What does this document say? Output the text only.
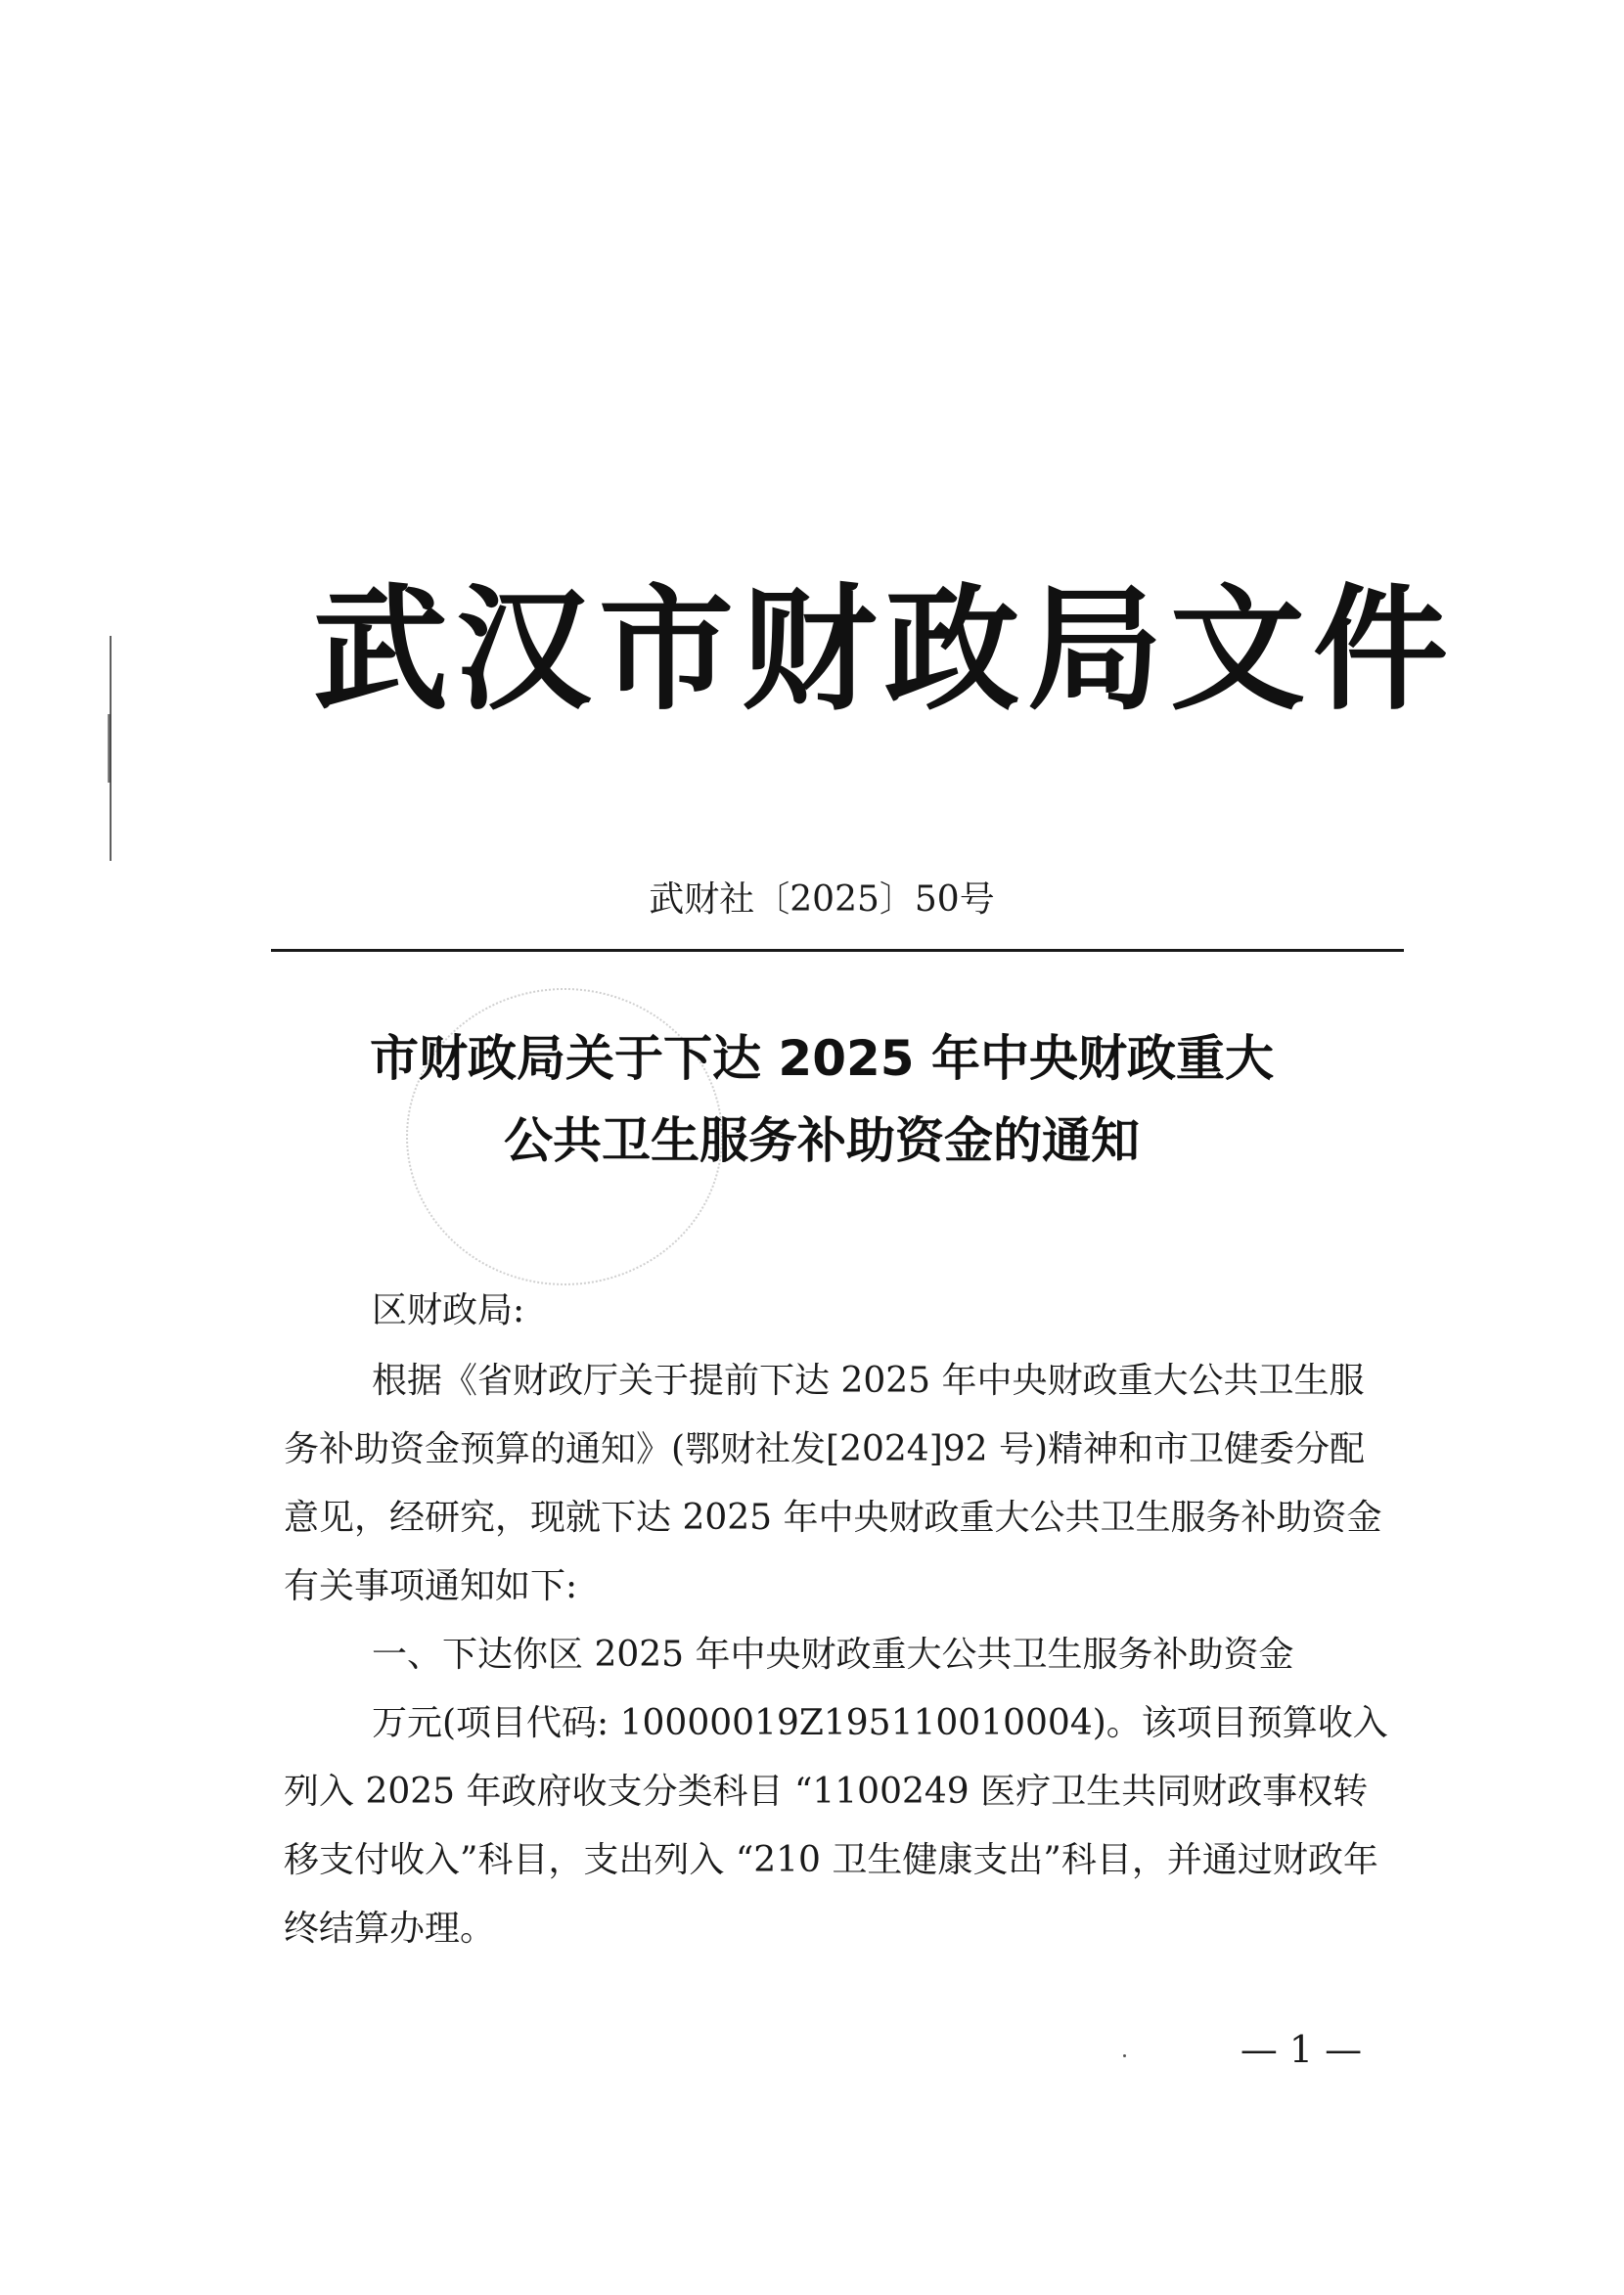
武汉市财政局文件
武财社〔2025〕50号
市财政局关于下达 2025 年中央财政重大
公共卫生服务补助资金的通知

区财政局:

根据《省财政厅关于提前下达 2025 年中央财政重大公共卫生服务补助资金预算的通知》(鄂财社发[2024]92 号)精神和市卫健委分配意见，经研究，现就下达 2025 年中央财政重大公共卫生服务补助资金有关事项通知如下:

一、下达你区 2025 年中央财政重大公共卫生服务补助资金

万元(项目代码: 10000019Z195110010004)。该项目预算收入列入 2025 年政府收支分类科目 “1100249 医疗卫生共同财政事权转移支付收入”科目，支出列入 “210 卫生健康支出”科目，并通过财政年终结算办理。

— 1 —
